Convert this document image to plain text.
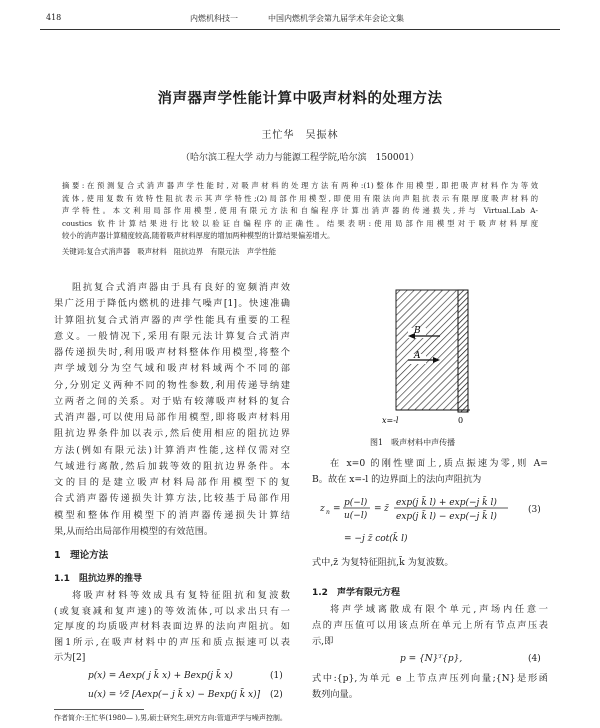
418	内燃机科技一	中国内燃机学会第九届学术年会论文集
消声器声学性能计算中吸声材料的处理方法
王忙华　吴振林
（哈尔滨工程大学 动力与能源工程学院,哈尔滨　150001）
摘要:在预测复合式消声器声学性能时,对吸声材料的处理方法有两种:(1)整体作用模型,即把吸声材料作为等效
流体,使用复数有效特性阻抗表示其声学特性;(2)局部作用模型,即使用有限法向声阻抗表示有限厚度吸声材料的
声学特性。本文利用局部作用模型,使用有限元方法和自编程序计算出消声器的传递损失,并与 Virtual.Lab A-
coustics 软件计算结果进行比较以验证自编程序的正确性。结果表明:使用局部作用模型对于吸声材料厚度
较小的消声器计算精度较高,随着吸声材料厚度的增加两种模型的计算结果偏差增大。
关键词:复合式消声器　吸声材料　阻抗边界　有限元法　声学性能
阻抗复合式消声器由于具有良好的宽频消声效
果广泛用于降低内燃机的进排气噪声[1]。快速准确
计算阻抗复合式消声器的声学性能具有重要的工程
意义。一般情况下,采用有限元法计算复合式消声
器传递损失时,利用吸声材料整体作用模型,将整个
声学域划分为空气域和吸声材料域两个不同的部
分,分别定义两种不同的物性参数,利用传递导纳建
立两者之间的关系。对于贴有较薄吸声材料的复合
式消声器,可以使用局部作用模型,即将吸声材料用
阻抗边界条件加以表示,然后使用相应的阻抗边界
方法(例如有限元法)计算消声性能,这样仅需对空
气域进行离散,然后加载等效的阻抗边界条件。本
文的目的是建立吸声材料局部作用模型下的复
合式消声器传递损失计算方法,比较基于局部作用
模型和整体作用模型下的消声器传递损失计算结
果,从而给出局部作用模型的有效范围。
1　理论方法
1.1　阻抗边界的推导
将吸声材料等效成具有复特征阻抗和复波数
(或复衰减和复声速)的等效流体,可以求出只有一
定厚度的均质吸声材料表面边界的法向声阻抗。如
图1所示,在吸声材料中的声压和质点振速可以表
示为[2]
p(x) = Aexp( j k̃ x) + Bexp(j k̃ x)	(1)
u(x) = ¹⁄z̃ [Aexp(− j k̃ x) − Bexp(j k̃ x)] (2)
作者简介:王忙华(1980— ),男,硕士研究生,研究方向:管道声学与噪声控制。
B
A
x=-l	0
图1　吸声材料中声传播
在 x=0 的刚性壁面上,质点振速为零,则 A=
B。故在 x=-l 的边界面上的法向声阻抗为
z n =
p(−l)
u(−l)
= z̃
exp(j k̃ l) + exp(−j k̃ l)
exp(j k̃ l) − exp(−j k̃ l)
= −j z̃ cot(k̃ l)
(3)
式中,z̃ 为复特征阻抗,k̃ 为复波数。
1.2　声学有限元方程
将声学域离散成有限个单元,声场内任意一
点的声压值可以用该点所在单元上所有节点声压表
示,即
p = {N}ᵀ{p},	(4)
式中:{p},为单元 e 上节点声压列向量;{N}是形函
数列向量。
